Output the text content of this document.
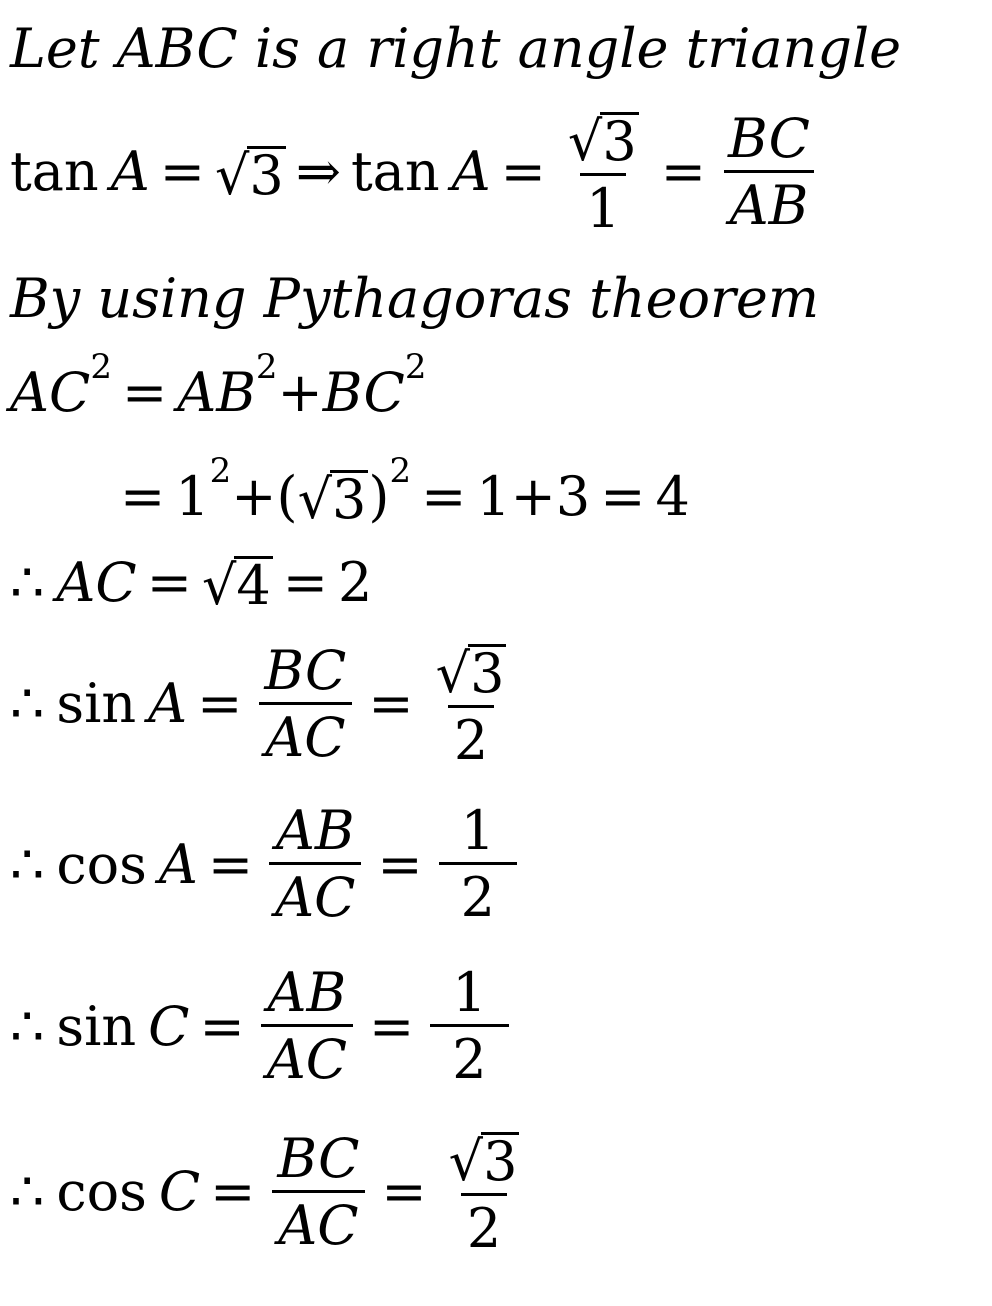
Let ABC is a right angle triangle
tan A = √ 3 ⇒ $\tan A = \frac{√ 3}{1} = \frac{BC}{AB}$
By using Pythagoras theorem
AC 2 = AB 2 + BC 2
= 1 2 +( √ 3 ) 2 = 1+3 = 4
∴ AC = √ 4 = 2
∴ $\sin A = \frac{BC}{AC} = \frac{√ 3}{2}$
∴ $\cos A = \frac{AB}{AC} = \frac{1}{2}$
∴ $\sin C = \frac{AB}{AC} = \frac{1}{2}$
∴ $\cos C = \frac{BC}{AC} = \frac{√ 3}{2}$
